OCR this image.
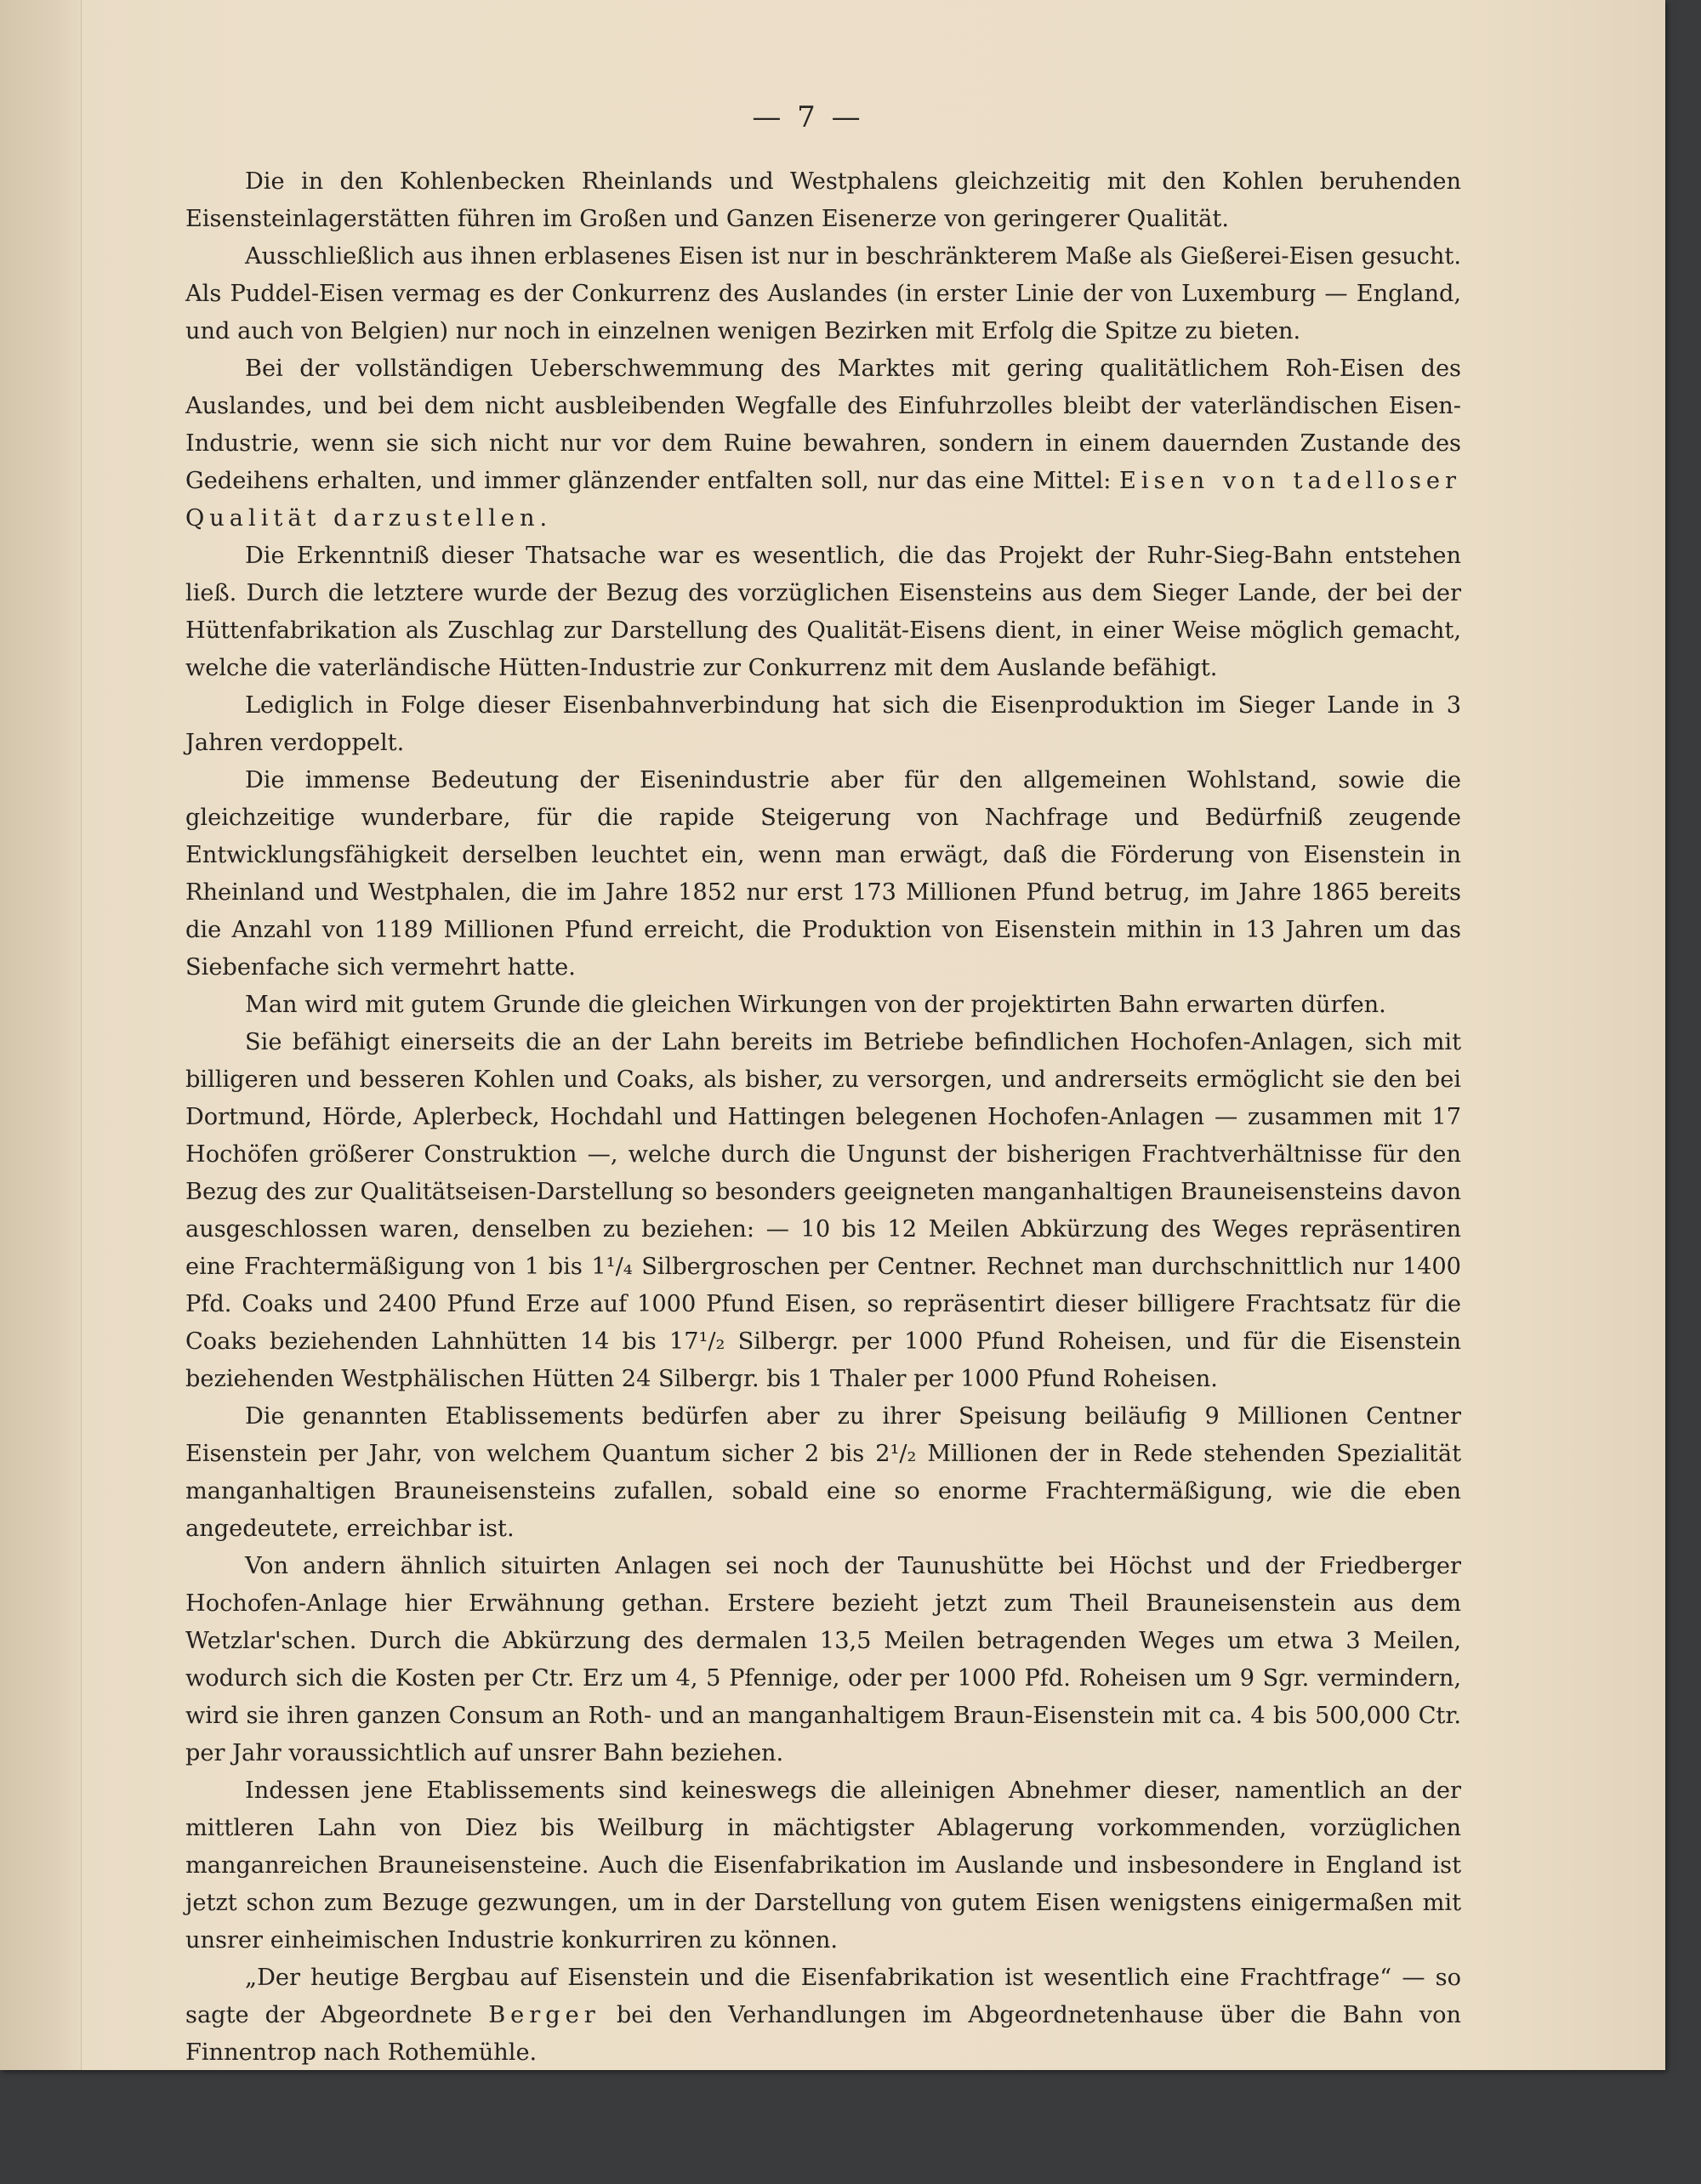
— 7 —

Die in den Kohlenbecken Rheinlands und Westphalens gleichzeitig mit den Kohlen beruhenden Eisensteinlagerstätten führen im Großen und Ganzen Eisenerze von geringerer Qualität.

Ausschließlich aus ihnen erblasenes Eisen ist nur in beschränkterem Maße als Gießerei-Eisen gesucht. Als Puddel-Eisen vermag es der Conkurrenz des Auslandes (in erster Linie der von Luxemburg — England, und auch von Belgien) nur noch in einzelnen wenigen Bezirken mit Erfolg die Spitze zu bieten.

Bei der vollständigen Ueberschwemmung des Marktes mit gering qualitätlichem Roh-Eisen des Auslandes, und bei dem nicht ausbleibenden Wegfalle des Einfuhrzolles bleibt der vaterländischen Eisen-Industrie, wenn sie sich nicht nur vor dem Ruine bewahren, sondern in einem dauernden Zustande des Gedeihens erhalten, und immer glänzender entfalten soll, nur das eine Mittel: Eisen von tadelloser Qualität darzustellen.

Die Erkenntniß dieser Thatsache war es wesentlich, die das Projekt der Ruhr-Sieg-Bahn entstehen ließ. Durch die letztere wurde der Bezug des vorzüglichen Eisensteins aus dem Sieger Lande, der bei der Hüttenfabrikation als Zuschlag zur Darstellung des Qualität-Eisens dient, in einer Weise möglich gemacht, welche die vaterländische Hütten-Industrie zur Conkurrenz mit dem Auslande befähigt.

Lediglich in Folge dieser Eisenbahnverbindung hat sich die Eisenproduktion im Sieger Lande in 3 Jahren verdoppelt.

Die immense Bedeutung der Eisenindustrie aber für den allgemeinen Wohlstand, sowie die gleichzeitige wunderbare, für die rapide Steigerung von Nachfrage und Bedürfniß zeugende Entwicklungsfähigkeit derselben leuchtet ein, wenn man erwägt, daß die Förderung von Eisenstein in Rheinland und Westphalen, die im Jahre 1852 nur erst 173 Millionen Pfund betrug, im Jahre 1865 bereits die Anzahl von 1189 Millionen Pfund erreicht, die Produktion von Eisenstein mithin in 13 Jahren um das Siebenfache sich vermehrt hatte.

Man wird mit gutem Grunde die gleichen Wirkungen von der projektirten Bahn erwarten dürfen.

Sie befähigt einerseits die an der Lahn bereits im Betriebe befindlichen Hochofen-Anlagen, sich mit billigeren und besseren Kohlen und Coaks, als bisher, zu versorgen, und andrerseits ermöglicht sie den bei Dortmund, Hörde, Aplerbeck, Hochdahl und Hattingen belegenen Hochofen-Anlagen — zusammen mit 17 Hochöfen größerer Construktion —, welche durch die Ungunst der bisherigen Frachtverhältnisse für den Bezug des zur Qualitätseisen-Darstellung so besonders geeigneten manganhaltigen Brauneisensteins davon ausgeschlossen waren, denselben zu beziehen: — 10 bis 12 Meilen Abkürzung des Weges repräsentiren eine Frachtermäßigung von 1 bis 1¹/₄ Silbergroschen per Centner. Rechnet man durchschnittlich nur 1400 Pfd. Coaks und 2400 Pfund Erze auf 1000 Pfund Eisen, so repräsentirt dieser billigere Frachtsatz für die Coaks beziehenden Lahnhütten 14 bis 17¹/₂ Silbergr. per 1000 Pfund Roheisen, und für die Eisenstein beziehenden Westphälischen Hütten 24 Silbergr. bis 1 Thaler per 1000 Pfund Roheisen.

Die genannten Etablissements bedürfen aber zu ihrer Speisung beiläufig 9 Millionen Centner Eisenstein per Jahr, von welchem Quantum sicher 2 bis 2¹/₂ Millionen der in Rede stehenden Spezialität manganhaltigen Brauneisensteins zufallen, sobald eine so enorme Frachtermäßigung, wie die eben angedeutete, erreichbar ist.

Von andern ähnlich situirten Anlagen sei noch der Taunushütte bei Höchst und der Friedberger Hochofen-Anlage hier Erwähnung gethan. Erstere bezieht jetzt zum Theil Brauneisenstein aus dem Wetzlar'schen. Durch die Abkürzung des dermalen 13,5 Meilen betragenden Weges um etwa 3 Meilen, wodurch sich die Kosten per Ctr. Erz um 4, 5 Pfennige, oder per 1000 Pfd. Roheisen um 9 Sgr. vermindern, wird sie ihren ganzen Consum an Roth- und an manganhaltigem Braun-Eisenstein mit ca. 4 bis 500,000 Ctr. per Jahr voraussichtlich auf unsrer Bahn beziehen.

Indessen jene Etablissements sind keineswegs die alleinigen Abnehmer dieser, namentlich an der mittleren Lahn von Diez bis Weilburg in mächtigster Ablagerung vorkommenden, vorzüglichen manganreichen Brauneisensteine. Auch die Eisenfabrikation im Auslande und insbesondere in England ist jetzt schon zum Bezuge gezwungen, um in der Darstellung von gutem Eisen wenigstens einigermaßen mit unsrer einheimischen Industrie konkurriren zu können.

„Der heutige Bergbau auf Eisenstein und die Eisenfabrikation ist wesentlich eine Frachtfrage“ — so sagte der Abgeordnete Berger bei den Verhandlungen im Abgeordnetenhause über die Bahn von Finnentrop nach Rothemühle.
